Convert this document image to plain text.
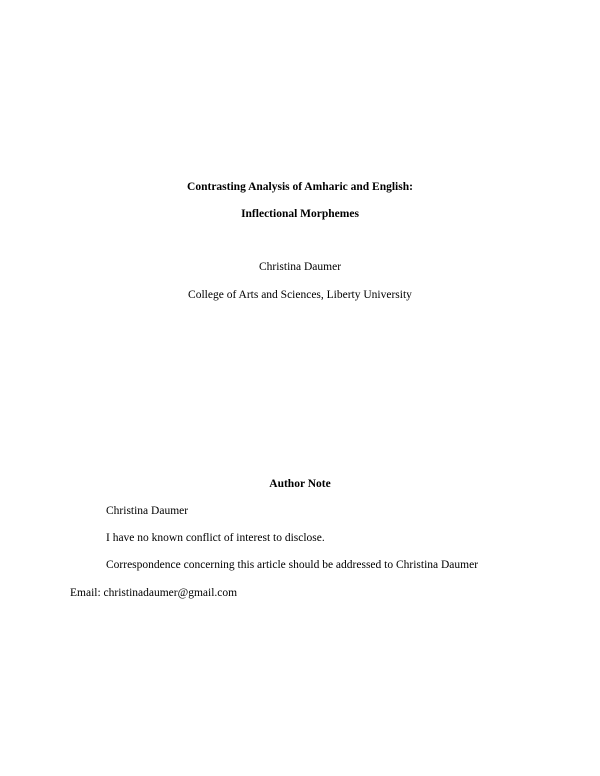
Contrasting Analysis of Amharic and English:
Inflectional Morphemes
Christina Daumer
College of Arts and Sciences, Liberty University
Author Note
Christina Daumer
I have no known conflict of interest to disclose.
Correspondence concerning this article should be addressed to Christina Daumer
Email: christinadaumer@gmail.com
